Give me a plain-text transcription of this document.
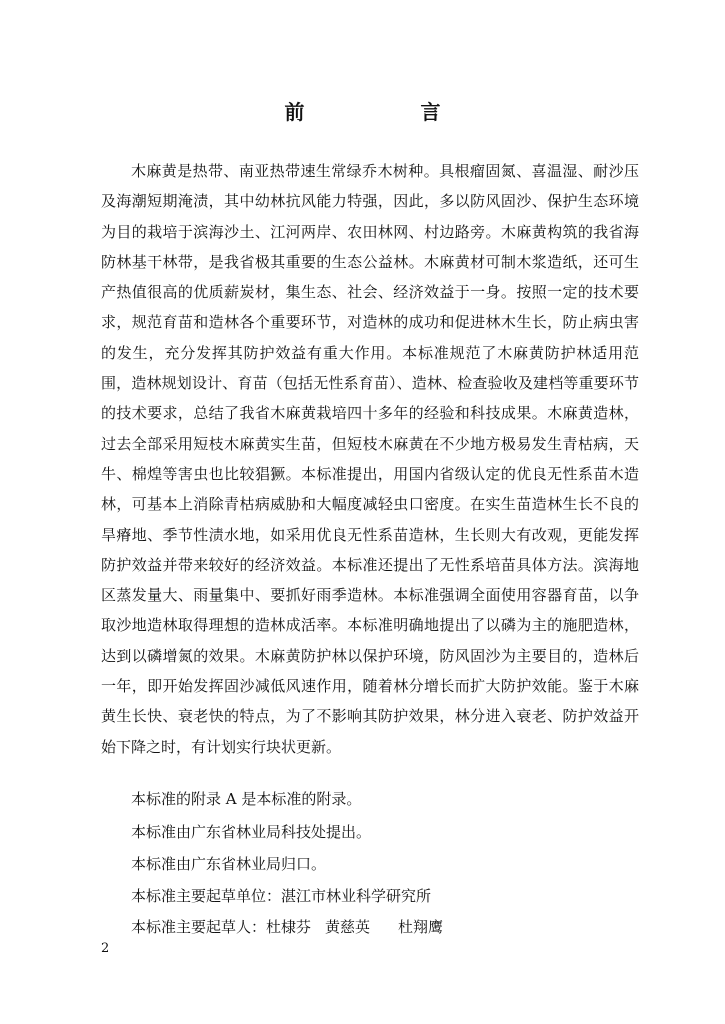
前　言

木麻黄是热带、南亚热带速生常绿乔木树种。具根瘤固氮、喜温湿、耐沙压及海潮短期淹渍，其中幼林抗风能力特强，因此，多以防风固沙、保护生态环境为目的栽培于滨海沙土、江河两岸、农田林网、村边路旁。木麻黄构筑的我省海防林基干林带，是我省极其重要的生态公益林。木麻黄材可制木浆造纸，还可生产热值很高的优质薪炭材，集生态、社会、经济效益于一身。按照一定的技术要求，规范育苗和造林各个重要环节，对造林的成功和促进林木生长，防止病虫害的发生，充分发挥其防护效益有重大作用。本标准规范了木麻黄防护林适用范围，造林规划设计、育苗（包括无性系育苗）、造林、检查验收及建档等重要环节的技术要求，总结了我省木麻黄栽培四十多年的经验和科技成果。木麻黄造林，过去全部采用短枝木麻黄实生苗，但短枝木麻黄在不少地方极易发生青枯病，天牛、棉煌等害虫也比较猖獗。本标准提出，用国内省级认定的优良无性系苗木造林，可基本上消除青枯病威胁和大幅度减轻虫口密度。在实生苗造林生长不良的旱瘠地、季节性渍水地，如采用优良无性系苗造林，生长则大有改观，更能发挥防护效益并带来较好的经济效益。本标准还提出了无性系培苗具体方法。滨海地区蒸发量大、雨量集中、要抓好雨季造林。本标准强调全面使用容器育苗，以争取沙地造林取得理想的造林成活率。本标准明确地提出了以磷为主的施肥造林，达到以磷增氮的效果。木麻黄防护林以保护环境，防风固沙为主要目的，造林后一年，即开始发挥固沙减低风速作用，随着林分增长而扩大防护效能。鉴于木麻黄生长快、衰老快的特点，为了不影响其防护效果，林分进入衰老、防护效益开始下降之时，有计划实行块状更新。

本标准的附录 A 是本标准的附录。

本标准由广东省林业局科技处提出。

本标准由广东省林业局归口。

本标准主要起草单位：湛江市林业科学研究所

本标准主要起草人：杜棣芬 黄慈英 杜翔鹰

2
